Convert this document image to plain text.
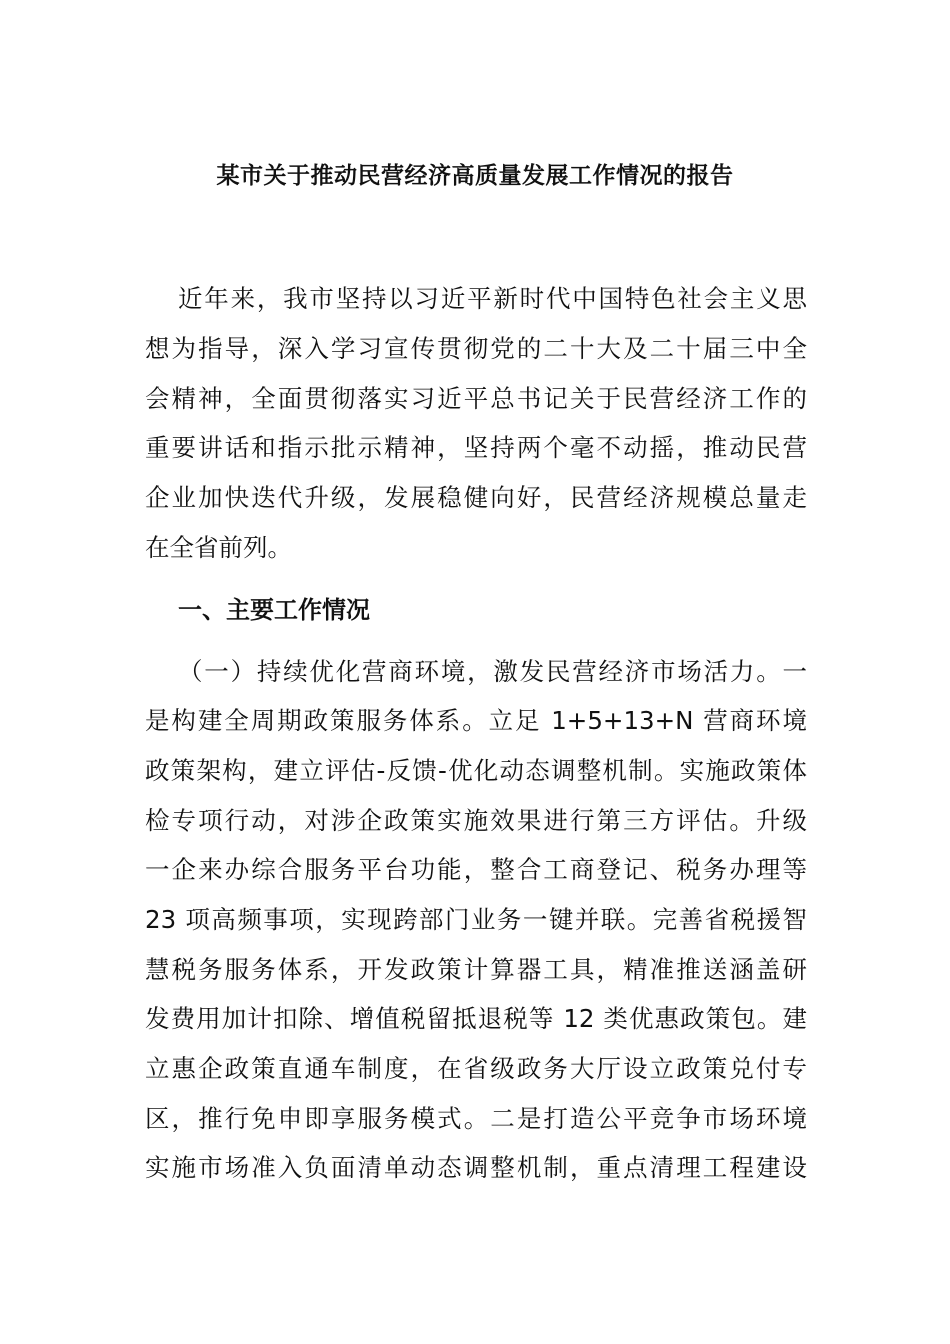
某市关于推动民营经济高质量发展工作情况的报告
近年来，我市坚持以习近平新时代中国特色社会主义思
想为指导，深入学习宣传贯彻党的二十大及二十届三中全
会精神，全面贯彻落实习近平总书记关于民营经济工作的
重要讲话和指示批示精神，坚持两个毫不动摇，推动民营
企业加快迭代升级，发展稳健向好，民营经济规模总量走
在全省前列。
一、主要工作情况
（一）持续优化营商环境，激发民营经济市场活力。一
是构建全周期政策服务体系。立足 1+5+13+N 营商环境
政策架构，建立评估-反馈-优化动态调整机制。实施政策体
检专项行动，对涉企政策实施效果进行第三方评估。升级
一企来办综合服务平台功能，整合工商登记、税务办理等
23 项高频事项，实现跨部门业务一键并联。完善省税援智
慧税务服务体系，开发政策计算器工具，精准推送涵盖研
发费用加计扣除、增值税留抵退税等 12 类优惠政策包。建
立惠企政策直通车制度，在省级政务大厅设立政策兑付专
区，推行免申即享服务模式。二是打造公平竞争市场环境
实施市场准入负面清单动态调整机制，重点清理工程建设
